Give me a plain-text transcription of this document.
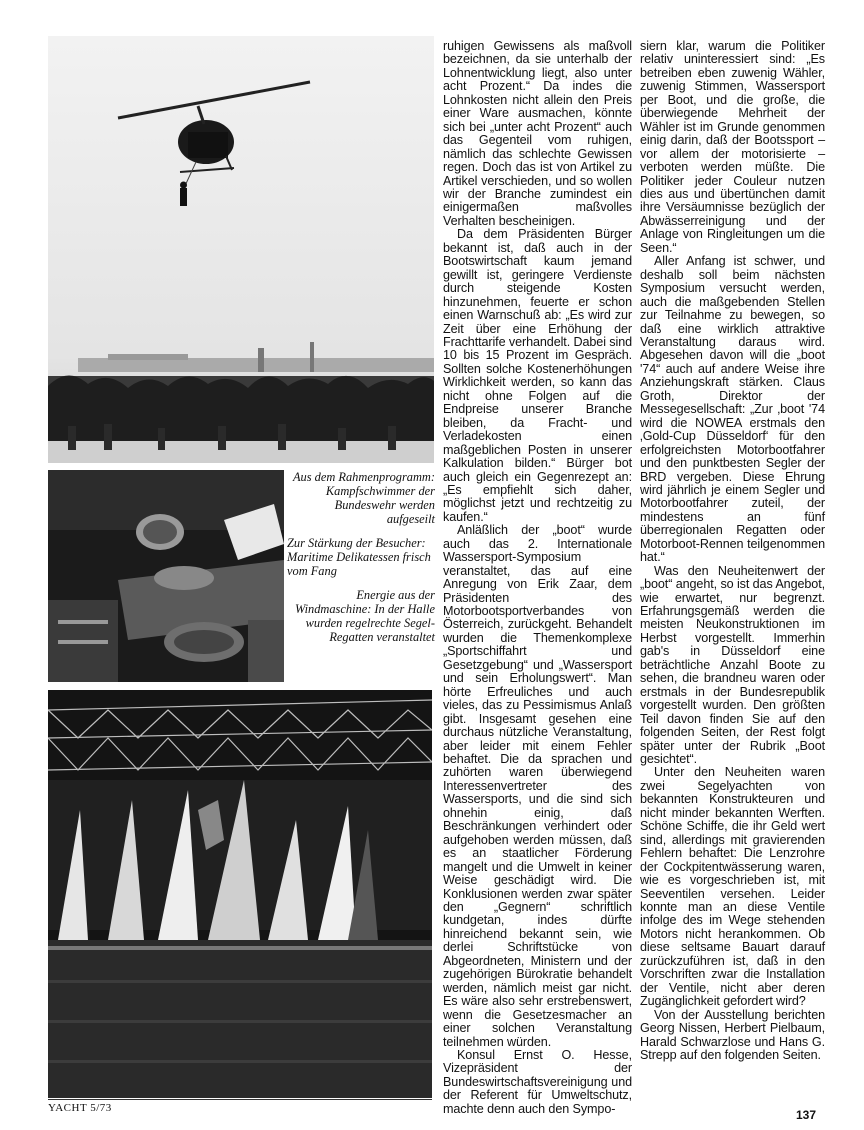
Aus dem Rahmenprogramm: Kampfschwimmer der Bundeswehr werden aufgeseilt

Zur Stärkung der Besucher: Maritime Delikatessen frisch vom Fang

Energie aus der Windmaschine: In der Halle wurden regelrechte Segel-Regatten veranstaltet

ruhigen Gewissens als maßvoll bezeichnen, da sie unterhalb der Lohnentwicklung liegt, also unter acht Prozent.“ Da indes die Lohnkosten nicht allein den Preis einer Ware ausmachen, könnte sich bei „unter acht Prozent“ auch das Gegenteil vom ruhigen, nämlich das schlechte Gewissen regen. Doch das ist von Artikel zu Artikel verschieden, und so wollen wir der Branche zumindest ein einigermaßen maßvolles Verhalten bescheinigen.

Da dem Präsidenten Bürger bekannt ist, daß auch in der Bootswirtschaft kaum jemand gewillt ist, geringere Verdienste durch steigende Kosten hinzunehmen, feuerte er schon einen Warnschuß ab: „Es wird zur Zeit über eine Erhöhung der Frachttarife verhandelt. Dabei sind 10 bis 15 Prozent im Gespräch. Sollten solche Kostenerhöhungen Wirklichkeit werden, so kann das nicht ohne Folgen auf die Endpreise unserer Branche bleiben, da Fracht- und Verladekosten einen maßgeblichen Posten in unserer Kalkulation bilden.“ Bürger bot auch gleich ein Gegenrezept an: „Es empfiehlt sich daher, möglichst jetzt und rechtzeitig zu kaufen.“

Anläßlich der „boot“ wurde auch das 2. Internationale Wassersport-Symposium veranstaltet, das auf eine Anregung von Erik Zaar, dem Präsidenten des Motorbootsportverbandes von Österreich, zurückgeht. Behandelt wurden die Themenkomplexe „Sportschiffahrt und Gesetzgebung“ und „Wassersport und sein Erholungswert“. Man hörte Erfreuliches und auch vieles, das zu Pessimismus Anlaß gibt. Insgesamt gesehen eine durchaus nützliche Veranstaltung, aber leider mit einem Fehler behaftet. Die da sprachen und zuhörten waren überwiegend Interessenvertreter des Wassersports, und die sind sich ohnehin einig, daß Beschränkungen verhindert oder aufgehoben werden müssen, daß es an staatlicher Förderung mangelt und die Umwelt in keiner Weise geschädigt wird. Die Konklusionen werden zwar später den „Gegnern“ schriftlich kundgetan, indes dürfte hinreichend bekannt sein, wie derlei Schriftstücke von Abgeordneten, Ministern und der zugehörigen Bürokratie behandelt werden, nämlich meist gar nicht. Es wäre also sehr erstrebenswert, wenn die Gesetzesmacher an einer solchen Veranstaltung teilnehmen würden.

Konsul Ernst O. Hesse, Vizepräsident der Bundeswirtschaftsvereinigung und der Referent für Umweltschutz, machte denn auch den Sympo-

siern klar, warum die Politiker relativ uninteressiert sind: „Es betreiben eben zuwenig Wähler, zuwenig Stimmen, Wassersport per Boot, und die große, die überwiegende Mehrheit der Wähler ist im Grunde genommen einig darin, daß der Bootssport – vor allem der motorisierte – verboten werden müßte. Die Politiker jeder Couleur nutzen dies aus und übertünchen damit ihre Versäumnisse bezüglich der Abwässerreinigung und der Anlage von Ringleitungen um die Seen.“

Aller Anfang ist schwer, und deshalb soll beim nächsten Symposium versucht werden, auch die maßgebenden Stellen zur Teilnahme zu bewegen, so daß eine wirklich attraktive Veranstaltung daraus wird. Abgesehen davon will die „boot '74“ auch auf andere Weise ihre Anziehungskraft stärken. Claus Groth, Direktor der Messegesellschaft: „Zur ‚boot '74 wird die NOWEA erstmals den ‚Gold-Cup Düsseldorf‘ für den erfolgreichsten Motorbootfahrer und den punktbesten Segler der BRD vergeben. Diese Ehrung wird jährlich je einem Segler und Motorbootfahrer zuteil, der mindestens an fünf überregionalen Regatten oder Motorboot-Rennen teilgenommen hat.“

Was den Neuheitenwert der „boot“ angeht, so ist das Angebot, wie erwartet, nur begrenzt. Erfahrungsgemäß werden die meisten Neukonstruktionen im Herbst vorgestellt. Immerhin gab's in Düsseldorf eine beträchtliche Anzahl Boote zu sehen, die brandneu waren oder erstmals in der Bundesrepublik vorgestellt wurden. Den größten Teil davon finden Sie auf den folgenden Seiten, der Rest folgt später unter der Rubrik „Boot gesichtet“.

Unter den Neuheiten waren zwei Segelyachten von bekannten Konstrukteuren und nicht minder bekannten Werften. Schöne Schiffe, die ihr Geld wert sind, allerdings mit gravierenden Fehlern behaftet: Die Lenzrohre der Cockpitentwässerung waren, wie es vorgeschrieben ist, mit Seeventilen versehen. Leider konnte man an diese Ventile infolge des im Wege stehenden Motors nicht herankommen. Ob diese seltsame Bauart darauf zurückzuführen ist, daß in den Vorschriften zwar die Installation der Ventile, nicht aber deren Zugänglichkeit gefordert wird?

Von der Ausstellung berichten Georg Nissen, Herbert Pielbaum, Harald Schwarzlose und Hans G. Strepp auf den folgenden Seiten.

YACHT 5/73	137
